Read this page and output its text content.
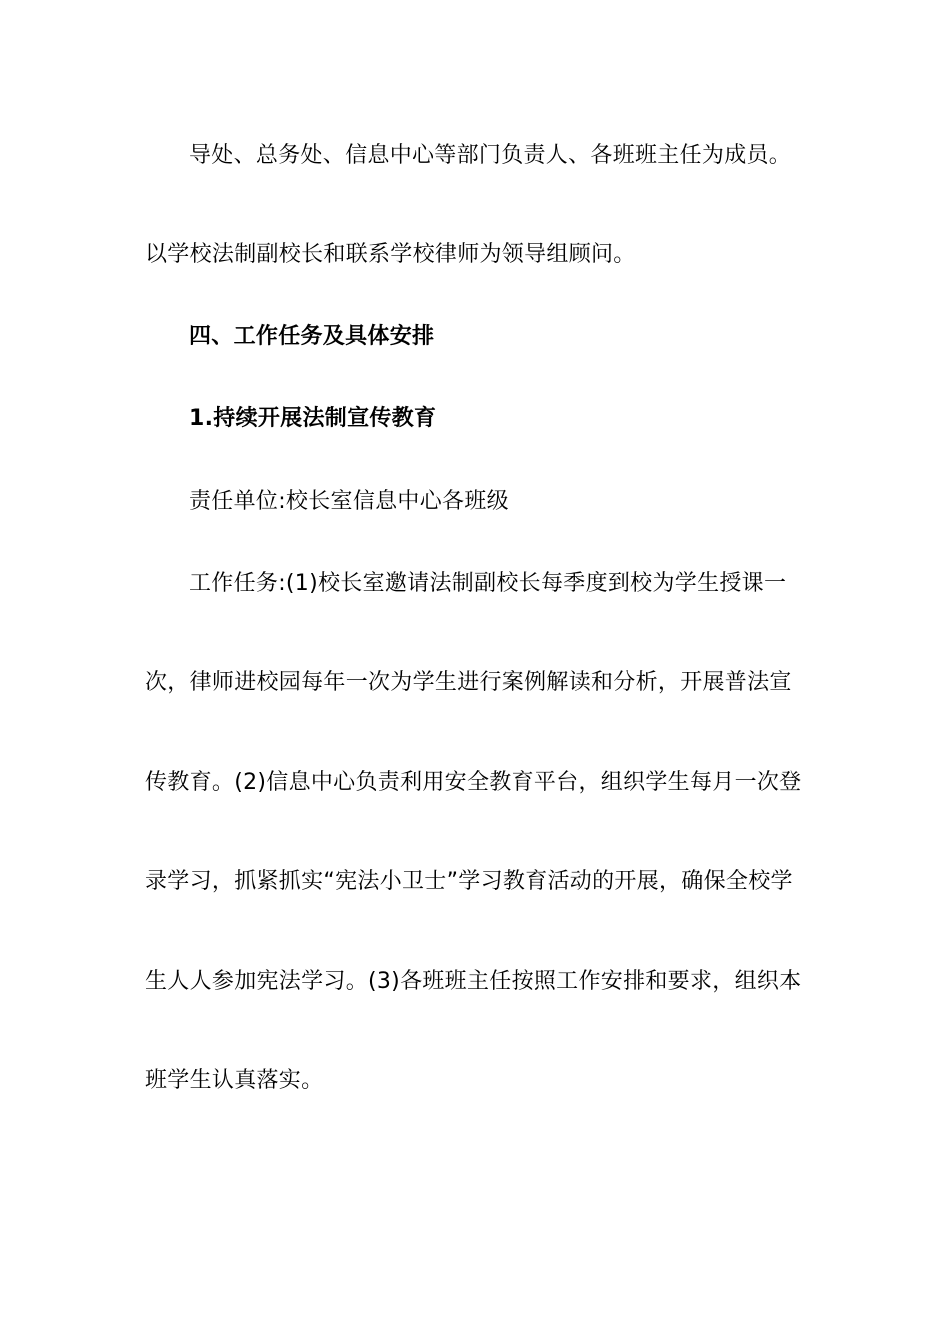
导处、总务处、信息中心等部门负责人、各班班主任为成员。
以学校法制副校长和联系学校律师为领导组顾问。
四、工作任务及具体安排
1.持续开展法制宣传教育
责任单位:校长室信息中心各班级
工作任务:(1)校长室邀请法制副校长每季度到校为学生授课一
次，律师进校园每年一次为学生进行案例解读和分析，开展普法宣
传教育。(2)信息中心负责利用安全教育平台，组织学生每月一次登
录学习，抓紧抓实“宪法小卫士”学习教育活动的开展，确保全校学
生人人参加宪法学习。(3)各班班主任按照工作安排和要求，组织本
班学生认真落实。
